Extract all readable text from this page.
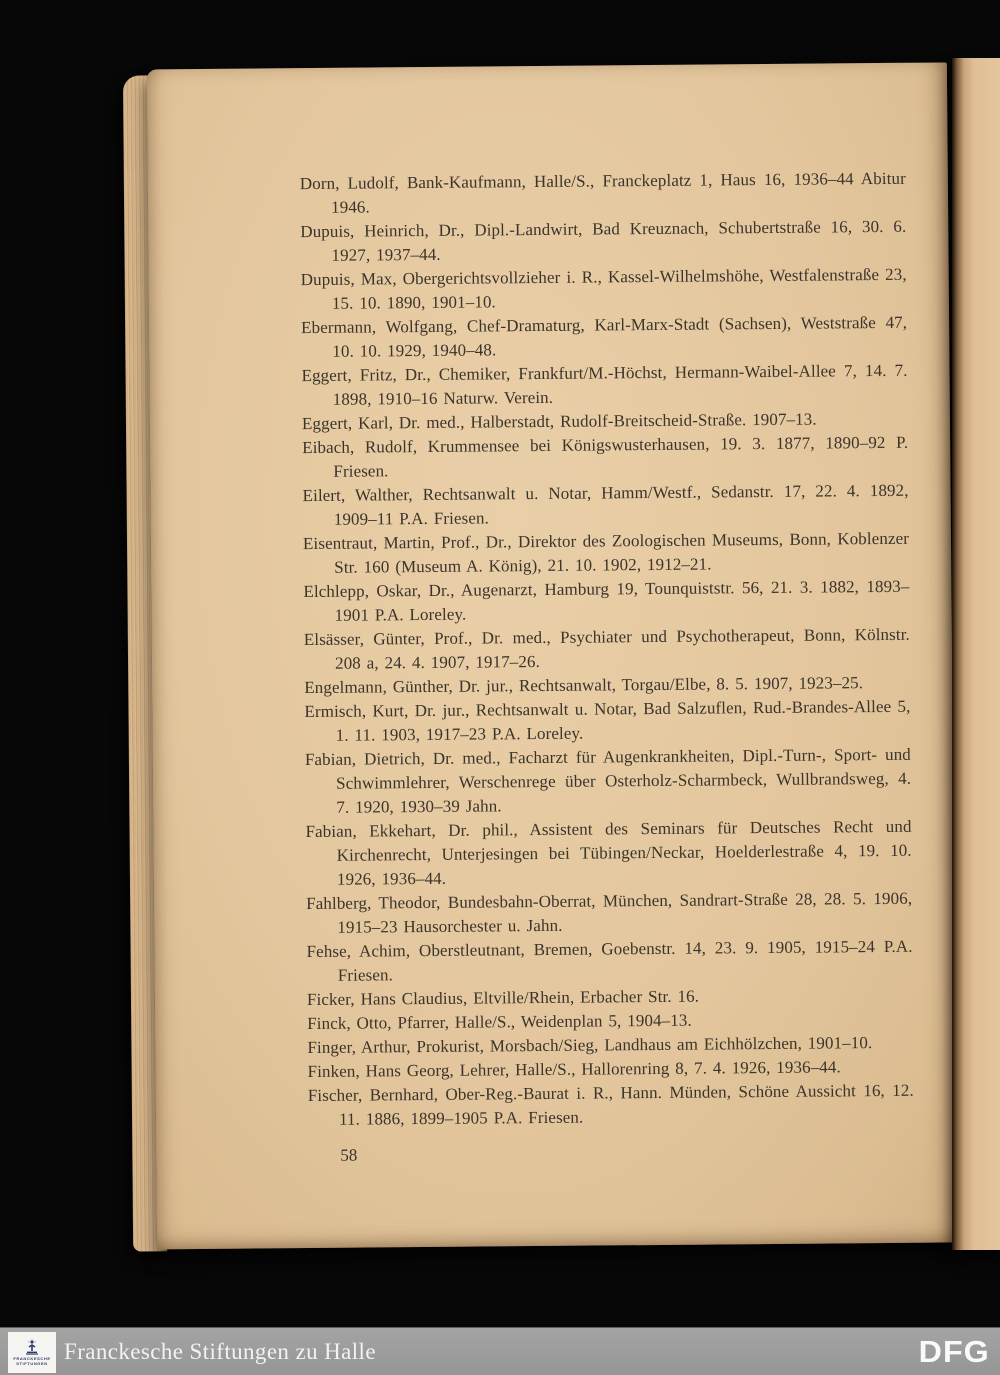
Dorn, Ludolf, Bank-Kaufmann, Halle/S., Franckeplatz 1, Haus 16, 1936–44 Abitur 1946.

Dupuis, Heinrich, Dr., Dipl.-Landwirt, Bad Kreuznach, Schubertstraße 16, 30. 6. 1927, 1937–44.

Dupuis, Max, Obergerichtsvollzieher i. R., Kassel-Wilhelmshöhe, Westfalenstraße 23, 15. 10. 1890, 1901–10.

Ebermann, Wolfgang, Chef-Dramaturg, Karl-Marx-Stadt (Sachsen), Weststraße 47, 10. 10. 1929, 1940–48.

Eggert, Fritz, Dr., Chemiker, Frankfurt/M.-Höchst, Hermann-Waibel-Allee 7, 14. 7. 1898, 1910–16 Naturw. Verein.

Eggert, Karl, Dr. med., Halberstadt, Rudolf-Breitscheid-Straße. 1907–13.

Eibach, Rudolf, Krummensee bei Königswusterhausen, 19. 3. 1877, 1890–92 P. Friesen.

Eilert, Walther, Rechtsanwalt u. Notar, Hamm/Westf., Sedanstr. 17, 22. 4. 1892, 1909–11 P.A. Friesen.

Eisentraut, Martin, Prof., Dr., Direktor des Zoologischen Museums, Bonn, Koblenzer Str. 160 (Museum A. König), 21. 10. 1902, 1912–21.

Elchlepp, Oskar, Dr., Augenarzt, Hamburg 19, Tounquiststr. 56, 21. 3. 1882, 1893–1901 P.A. Loreley.

Elsässer, Günter, Prof., Dr. med., Psychiater und Psychotherapeut, Bonn, Kölnstr. 208 a, 24. 4. 1907, 1917–26.

Engelmann, Günther, Dr. jur., Rechtsanwalt, Torgau/Elbe, 8. 5. 1907, 1923–25.

Ermisch, Kurt, Dr. jur., Rechtsanwalt u. Notar, Bad Salzuflen, Rud.-Brandes-Allee 5, 1. 11. 1903, 1917–23 P.A. Loreley.

Fabian, Dietrich, Dr. med., Facharzt für Augenkrankheiten, Dipl.-Turn-, Sport- und Schwimmlehrer, Werschenrege über Osterholz-Scharmbeck, Wullbrandsweg, 4. 7. 1920, 1930–39 Jahn.

Fabian, Ekkehart, Dr. phil., Assistent des Seminars für Deutsches Recht und Kirchenrecht, Unterjesingen bei Tübingen/Neckar, Hoelderlestraße 4, 19. 10. 1926, 1936–44.

Fahlberg, Theodor, Bundesbahn-Oberrat, München, Sandrart-Straße 28, 28. 5. 1906, 1915–23 Hausorchester u. Jahn.

Fehse, Achim, Oberstleutnant, Bremen, Goebenstr. 14, 23. 9. 1905, 1915–24 P.A. Friesen.

Ficker, Hans Claudius, Eltville/Rhein, Erbacher Str. 16.

Finck, Otto, Pfarrer, Halle/S., Weidenplan 5, 1904–13.

Finger, Arthur, Prokurist, Morsbach/Sieg, Landhaus am Eichhölzchen, 1901–10.

Finken, Hans Georg, Lehrer, Halle/S., Hallorenring 8, 7. 4. 1926, 1936–44.

Fischer, Bernhard, Ober-Reg.-Baurat i. R., Hann. Münden, Schöne Aussicht 16, 12. 11. 1886, 1899–1905 P.A. Friesen.

58
FRANCKESCHE
STIFTUNGEN Franckesche Stiftungen zu Halle	DFG
